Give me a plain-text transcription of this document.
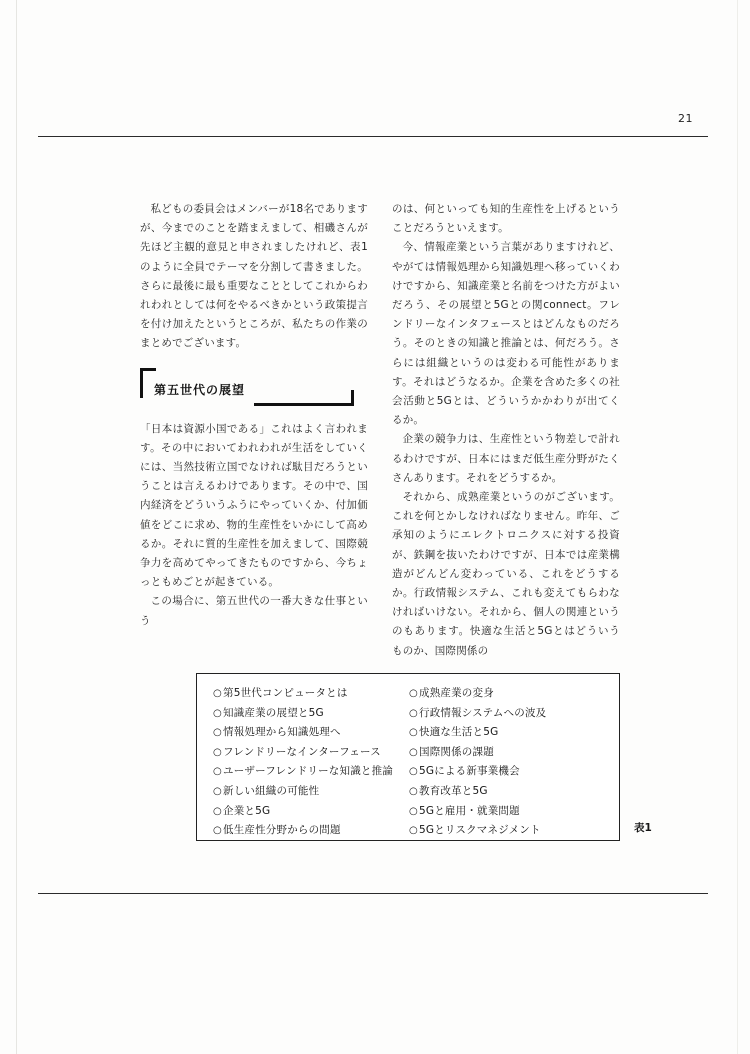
21

私どもの委員会はメンバーが18名でありますが、今までのことを踏まえまして、相磯さんが先ほど主観的意見と申されましたけれど、表1のように全員でテーマを分割して書きました。さらに最後に最も重要なこととしてこれからわれわれとしては何をやるべきかという政策提言を付け加えたというところが、私たちの作業のまとめでございます。

第五世代の展望

「日本は資源小国である」これはよく言われます。その中においてわれわれが生活をしていくには、当然技術立国でなければ駄目だろうということは言えるわけであります。その中で、国内経済をどういうふうにやっていくか、付加価値をどこに求め、物的生産性をいかにして高めるか。それに質的生産性を加えまして、国際競争力を高めてやってきたものですから、今ちょっともめごとが起きている。

この場合に、第五世代の一番大きな仕事という

のは、何といっても知的生産性を上げるということだろうといえます。

今、情報産業という言葉がありますけれど、やがては情報処理から知識処理へ移っていくわけですから、知識産業と名前をつけた方がよいだろう、その展望と5Gとの関connect。フレンドリーなインタフェースとはどんなものだろう。そのときの知識と推論とは、何だろう。さらには組織というのは変わる可能性があります。それはどうなるか。企業を含めた多くの社会活動と5Gとは、どういうかかわりが出てくるか。

企業の競争力は、生産性という物差しで計れるわけですが、日本にはまだ低生産分野がたくさんあります。それをどうするか。

それから、成熟産業というのがございます。これを何とかしなければなりません。昨年、ご承知のようにエレクトロニクスに対する投資が、鉄鋼を抜いたわけですが、日本では産業構造がどんどん変わっている、これをどうするか。行政情報システム、これも変えてもらわなければいけない。それから、個人の関連というのもあります。快適な生活と5Gとはどういうものか、国際関係の

○第5世代コンピュータとは
○知識産業の展望と5G
○情報処理から知識処理へ
○フレンドリーなインターフェース
○ユーザーフレンドリーな知識と推論
○新しい組織の可能性
○企業と5G
○低生産性分野からの問題
○成熟産業の変身
○行政情報システムへの波及
○快適な生活と5G
○国際関係の課題
○5Gによる新事業機会
○教育改革と5G
○5Gと雇用・就業問題
○5Gとリスクマネジメント	表1
